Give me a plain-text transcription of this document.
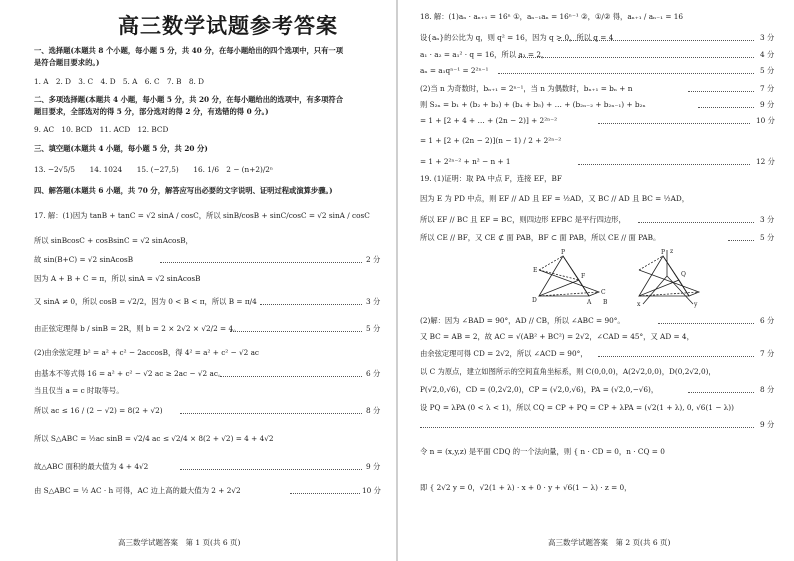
高三数学试题参考答案
一、选择题(本题共 8 个小题，每小题 5 分，共 40 分，在每小题给出的四个选项中，只有一项
是符合题目要求的。)
1. A　2. D　3. C　4. D　5. A　6. C　7. B　8. D
二、多项选择题(本题共 4 小题，每小题 5 分，共 20 分，在每小题给出的选项中，有多项符合
题目要求，全部选对的得 5 分，部分选对的得 2 分，有选错的得 0 分。)
9. AC　10. BCD　11. ACD　12. BCD
三、填空题(本题共 4 小题，每小题 5 分，共 20 分)
13. −2√5/5　　14. 1024　　15. (−27,5)　　16. 1/6　2 − (n+2)/2ⁿ
四、解答题(本题共 6 小题，共 70 分，解答应写出必要的文字说明、证明过程或演算步骤。)
17. 解：(1)因为 tanB + tanC = √2 sinA / cosC，所以 sinB/cosB + sinC/cosC = √2 sinA / cosC
所以 sinBcosC + cosBsinC = √2 sinAcosB，
故 sin(B+C) = √2 sinAcosB
因为 A + B + C = π，所以 sinA = √2 sinAcosB
又 sinA ≠ 0，所以 cosB = √2/2，因为 0 < B < π，所以 B = π/4
由正弦定理得 b / sinB = 2R，则 b = 2 × 2√2 × √2/2 = 4。
(2)由余弦定理 b² = a² + c² − 2accosB，得 4² = a² + c² − √2 ac
由基本不等式得 16 = a² + c² − √2 ac ≥ 2ac − √2 ac。
当且仅当 a = c 时取等号。
所以 ac ≤ 16 / (2 − √2) = 8(2 + √2)
所以 S△ABC = ½ac sinB = √2/4 ac ≤ √2/4 × 8(2 + √2) = 4 + 4√2
故△ABC 面积的最大值为 4 + 4√2
由 S△ABC = ½ AC · h 可得，AC 边上高的最大值为 2 + 2√2
2 分
3 分
5 分
6 分
8 分
9 分
10 分
高三数学试题答案　第 1 页(共 6 页)
18. 解：(1)aₙ · aₙ₊₁ = 16ⁿ ①，aₙ₋₁aₙ = 16ⁿ⁻¹ ②，①/② 得，aₙ₊₁ / aₙ₋₁ = 16
设{aₙ}的公比为 q，则 q² = 16，因为 q > 0，所以 q = 4
a₁ · a₂ = a₁² · q = 16，所以 a₁ = 2，
aₙ = a₁qⁿ⁻¹ = 2²ⁿ⁻¹
(2)当 n 为奇数时，bₙ₊₁ = 2ⁿ⁻¹，当 n 为偶数时，bₙ₊₁ = bₙ + n
则 S₂ₙ = b₁ + (b₂ + b₃) + (b₄ + b₅) + … + (b₂ₙ₋₂ + b₂ₙ₋₁) + b₂ₙ
= 1 + [2 + 4 + … + (2n − 2)] + 2²ⁿ⁻²
= 1 + [2 + (2n − 2)](n − 1) / 2 + 2²ⁿ⁻²
= 1 + 2²ⁿ⁻² + n² − n + 1
19. (1)证明：取 PA 中点 F，连接 EF，BF
因为 E 为 PD 中点，则 EF // AD 且 EF = ½AD，又 BC // AD 且 BC = ½AD，
所以 EF // BC 且 EF = BC，则四边形 EFBC 是平行四边形，
所以 CE // BF，又 CE ⊄ 面 PAB，BF ⊂ 面 PAB，所以 CE // 面 PAB。
P
E
F
C
D	A B
P
Q
z
x	y
(2)解：因为 ∠BAD = 90°，AD // CB，所以 ∠ABC = 90°。
又 BC = AB = 2，故 AC = √(AB² + BC²) = 2√2，∠CAD = 45°，又 AD = 4，
由余弦定理可得 CD = 2√2，所以 ∠ACD = 90°，
以 C 为原点，建立如图所示的空间直角坐标系，则 C(0,0,0)，A(2√2,0,0)，D(0,2√2,0)，
P(√2,0,√6)，CD = (0,2√2,0)，CP = (√2,0,√6)，PA = (√2,0,−√6)，
设 PQ = λPA (0 < λ < 1)，所以 CQ = CP + PQ = CP + λPA = (√2(1 + λ), 0, √6(1 − λ))
令 n = (x,y,z) 是平面 CDQ 的一个法向量，则 { n · CD = 0，n · CQ = 0
即 { 2√2 y = 0，√2(1 + λ) · x + 0 · y + √6(1 − λ) · z = 0，
3 分
4 分
5 分
7 分
9 分
10 分
12 分
3 分
5 分
6 分
7 分
8 分
9 分
高三数学试题答案　第 2 页(共 6 页)
